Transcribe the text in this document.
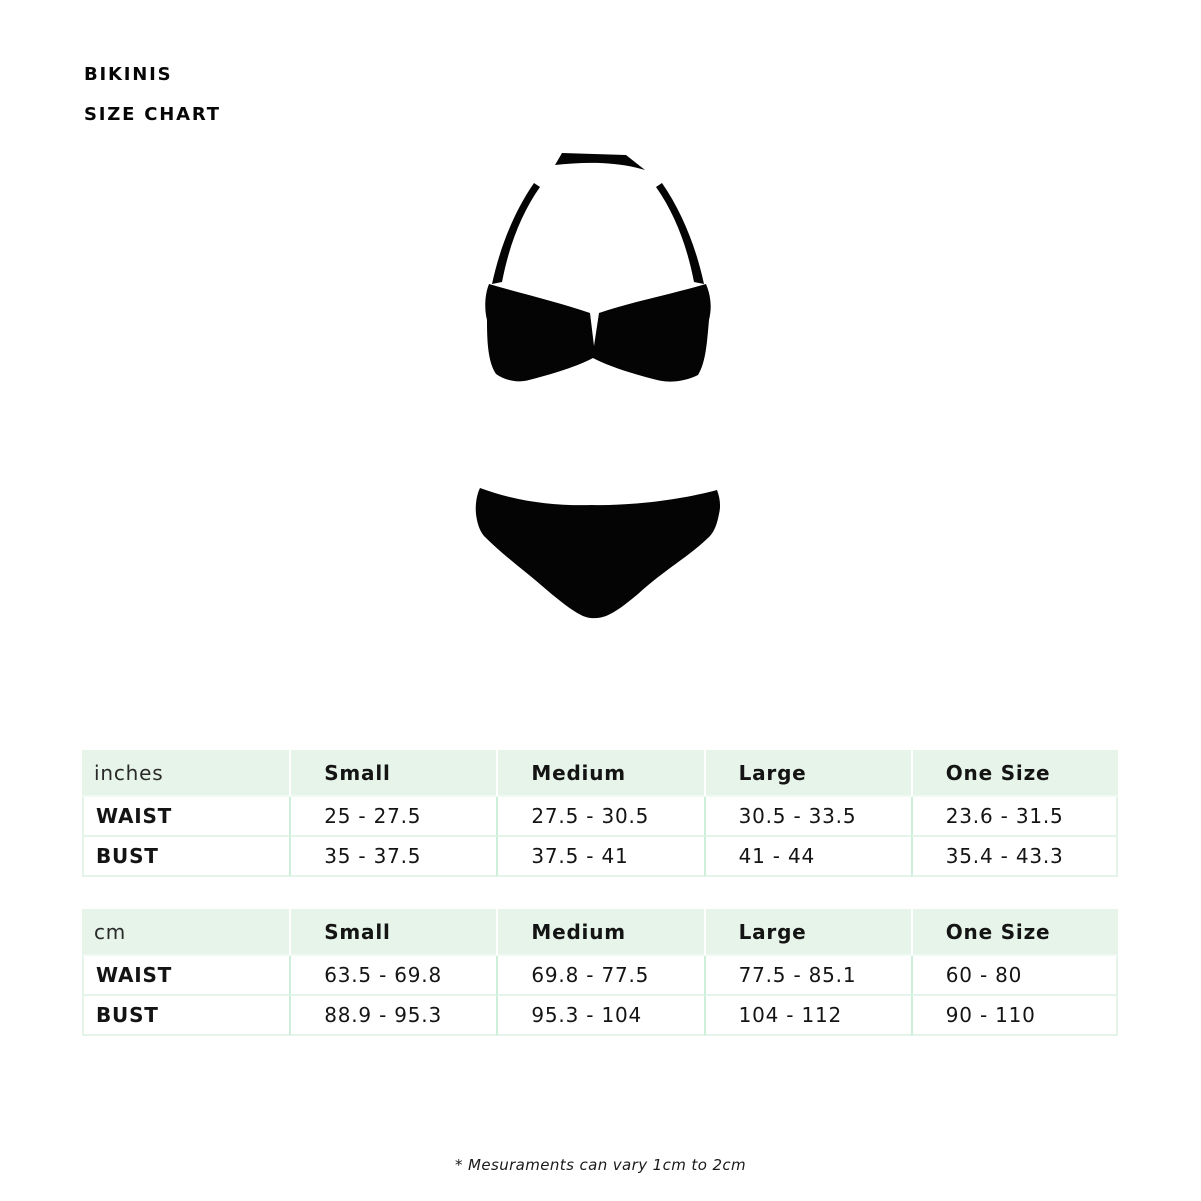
BIKINIS
SIZE CHART
inches	Small	Medium	Large	One Size
WAIST	25 - 27.5	27.5 - 30.5	30.5 - 33.5	23.6 - 31.5
BUST	35 - 37.5	37.5 - 41	41 - 44	35.4 - 43.3
cm	Small	Medium	Large	One Size
WAIST	63.5 - 69.8	69.8 - 77.5	77.5 - 85.1	60 - 80
BUST	88.9 - 95.3	95.3 - 104	104 - 112	90 - 110

* Mesuraments can vary 1cm to 2cm
